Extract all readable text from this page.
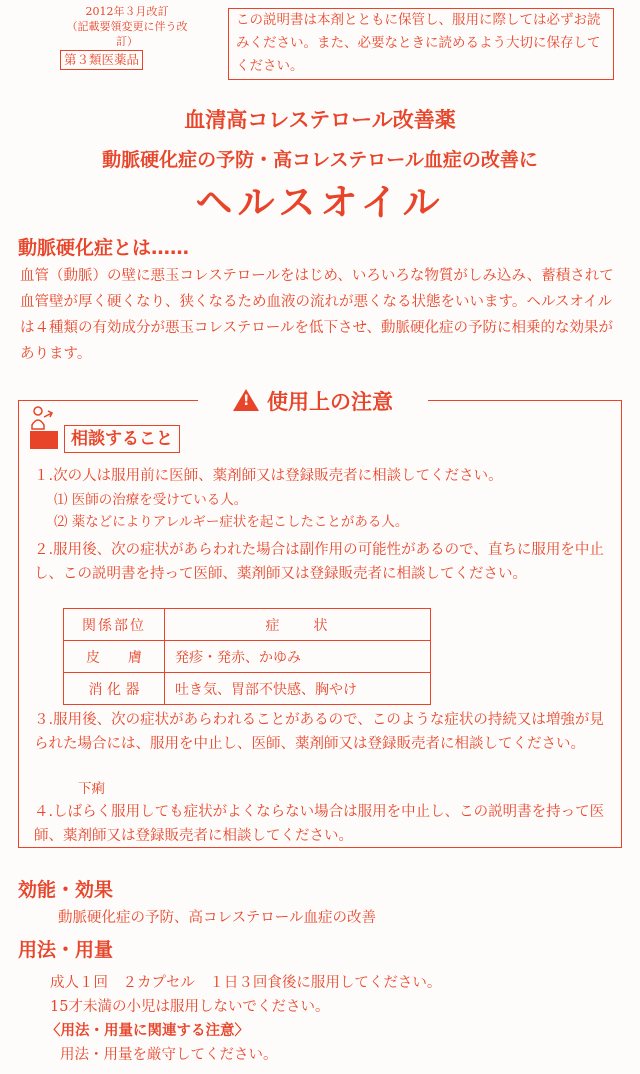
2012年３月改訂
（記載要領変更に伴う改訂）
第３類医薬品
この説明書は本剤とともに保管し、服用に際しては必ずお読みください。また、必要なときに読めるよう大切に保存してください。
血清高コレステロール改善薬
動脈硬化症の予防・高コレステロール血症の改善に
ヘルスオイル
動脈硬化症とは……
血管（動脈）の壁に悪玉コレステロールをはじめ、いろいろな物質がしみ込み、蓄積されて血管壁が厚く硬くなり、狭くなるため血液の流れが悪くなる状態をいいます。ヘルスオイルは４種類の有効成分が悪玉コレステロールを低下させ、動脈硬化症の予防に相乗的な効果があります。
!使用上の注意
相談すること
１.次の人は服用前に医師、薬剤師又は登録販売者に相談してください。
⑴ 医師の治療を受けている人。
⑵ 薬などによりアレルギー症状を起こしたことがある人。
２.服用後、次の症状があらわれた場合は副作用の可能性があるので、直ちに服用を中止し、この説明書を持って医師、薬剤師又は登録販売者に相談してください。
関係部位	症　　状
皮　　膚	発疹・発赤、かゆみ
消 化 器	吐き気、胃部不快感、胸やけ
３.服用後、次の症状があらわれることがあるので、このような症状の持続又は増強が見られた場合には、服用を中止し、医師、薬剤師又は登録販売者に相談してください。
下痢
４.しばらく服用しても症状がよくならない場合は服用を中止し、この説明書を持って医師、薬剤師又は登録販売者に相談してください。
効能・効果
動脈硬化症の予防、高コレステロール血症の改善
用法・用量
成人１回　２カプセル　１日３回食後に服用してください。
15才未満の小児は服用しないでください。
〈用法・用量に関連する注意〉
用法・用量を厳守してください。
